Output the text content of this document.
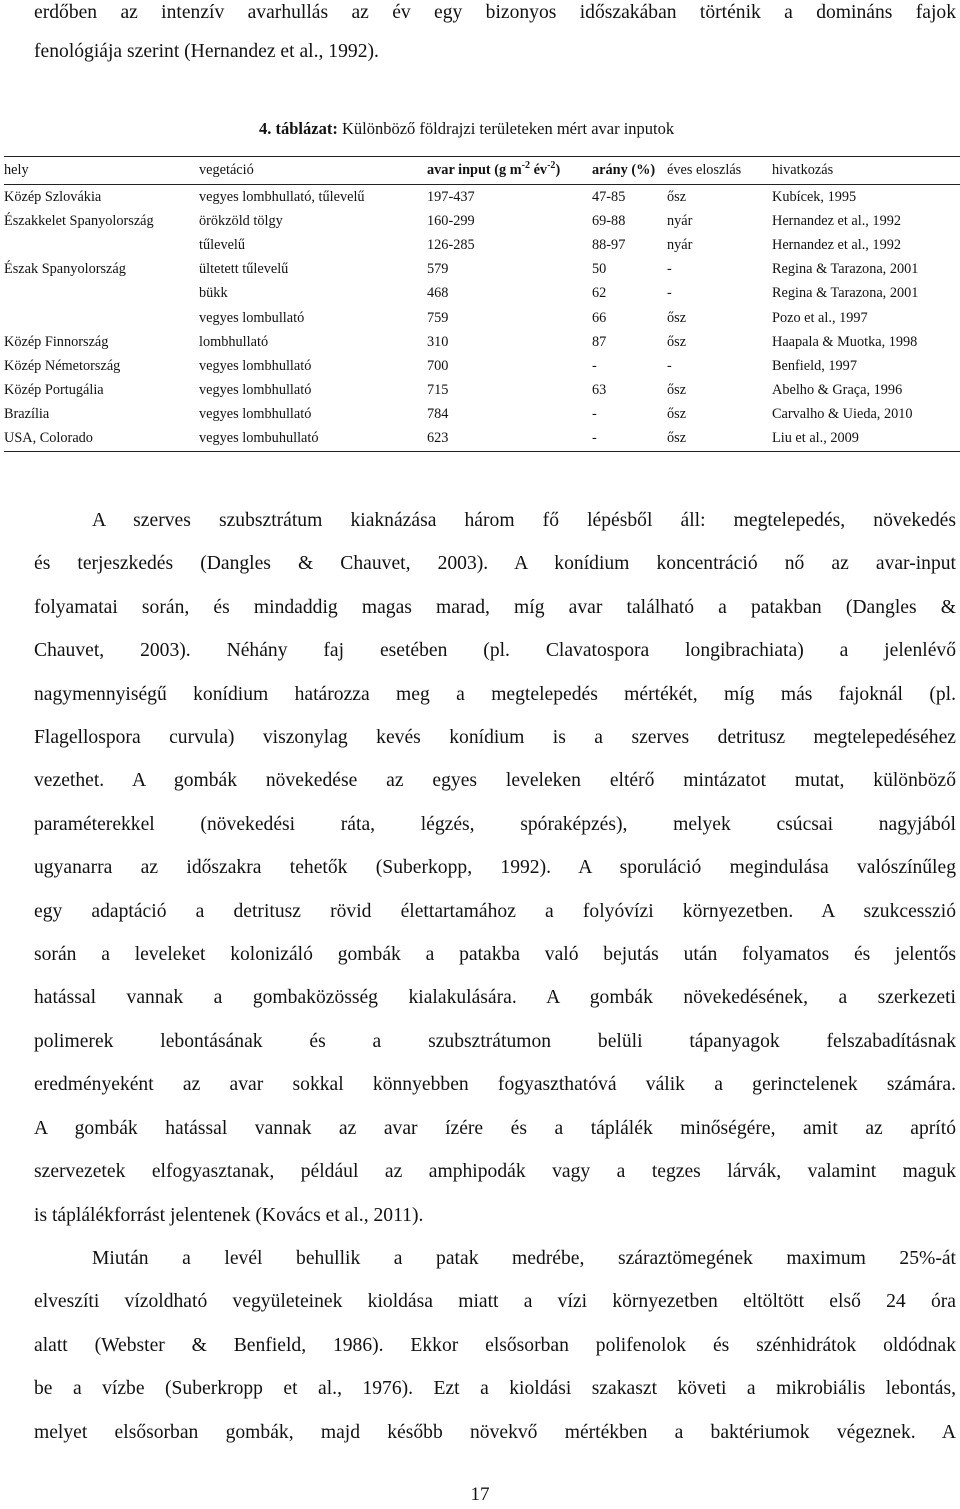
erdőben az intenzív avarhullás az év egy bizonyos időszakában történik a domináns fajok
fenológiája szerint (Hernandez et al., 1992).
4. táblázat: Különböző földrajzi területeken mért avar inputok
hely	vegetáció	avar input (g $m^{-2}$ $év^{-2}$)	arány (%)	éves eloszlás	hivatkozás
Közép Szlovákia	vegyes lombhullató, tűlevelű	197-437	47-85	ősz	Kubícek, 1995
Északkelet Spanyolország	örökzöld tölgy	160-299	69-88	nyár	Hernandez et al., 1992
	tűlevelű	126-285	88-97	nyár	Hernandez et al., 1992
Észak Spanyolország	ültetett tűlevelű	579	50	-	Regina & Tarazona, 2001
	bükk	468	62	-	Regina & Tarazona, 2001
	vegyes lombullató	759	66	ősz	Pozo et al., 1997
Közép Finnország	lombhullató	310	87	ősz	Haapala & Muotka, 1998
Közép Németország	vegyes lombhullató	700	-	-	Benfield, 1997
Közép Portugália	vegyes lombhullató	715	63	ősz	Abelho & Graça, 1996
Brazília	vegyes lombhullató	784	-	ősz	Carvalho & Uieda, 2010
USA, Colorado	vegyes lombuhullató	623	-	ősz	Liu et al., 2009
A szerves szubsztrátum kiaknázása három fő lépésből áll: megtelepedés, növekedés
és terjeszkedés (Dangles & Chauvet, 2003). A konídium koncentráció nő az avar-input
folyamatai során, és mindaddig magas marad, míg avar található a patakban (Dangles &
Chauvet, 2003). Néhány faj esetében (pl. Clavatospora longibrachiata) a jelenlévő
nagymennyiségű konídium határozza meg a megtelepedés mértékét, míg más fajoknál (pl.
Flagellospora curvula) viszonylag kevés konídium is a szerves detritusz megtelepedéséhez
vezethet. A gombák növekedése az egyes leveleken eltérő mintázatot mutat, különböző
paraméterekkel (növekedési ráta, légzés, spóraképzés), melyek csúcsai nagyjából
ugyanarra az időszakra tehetők (Suberkopp, 1992). A sporuláció megindulása valószínűleg
egy adaptáció a detritusz rövid élettartamához a folyóvízi környezetben. A szukcesszió
során a leveleket kolonizáló gombák a patakba való bejutás után folyamatos és jelentős
hatással vannak a gombaközösség kialakulására. A gombák növekedésének, a szerkezeti
polimerek lebontásának és a szubsztrátumon belüli tápanyagok felszabadításnak
eredményeként az avar sokkal könnyebben fogyaszthatóvá válik a gerinctelenek számára.
A gombák hatással vannak az avar ízére és a táplálék minőségére, amit az aprító
szervezetek elfogyasztanak, például az amphipodák vagy a tegzes lárvák, valamint maguk
is táplálékforrást jelentenek (Kovács et al., 2011).
Miután a levél behullik a patak medrébe, száraztömegének maximum 25%-át
elveszíti vízoldható vegyületeinek kioldása miatt a vízi környezetben eltöltött első 24 óra
alatt (Webster & Benfield, 1986). Ekkor elsősorban polifenolok és szénhidrátok oldódnak
be a vízbe (Suberkropp et al., 1976). Ezt a kioldási szakaszt követi a mikrobiális lebontás,
melyet elsősorban gombák, majd később növekvő mértékben a baktériumok végeznek. A
17
